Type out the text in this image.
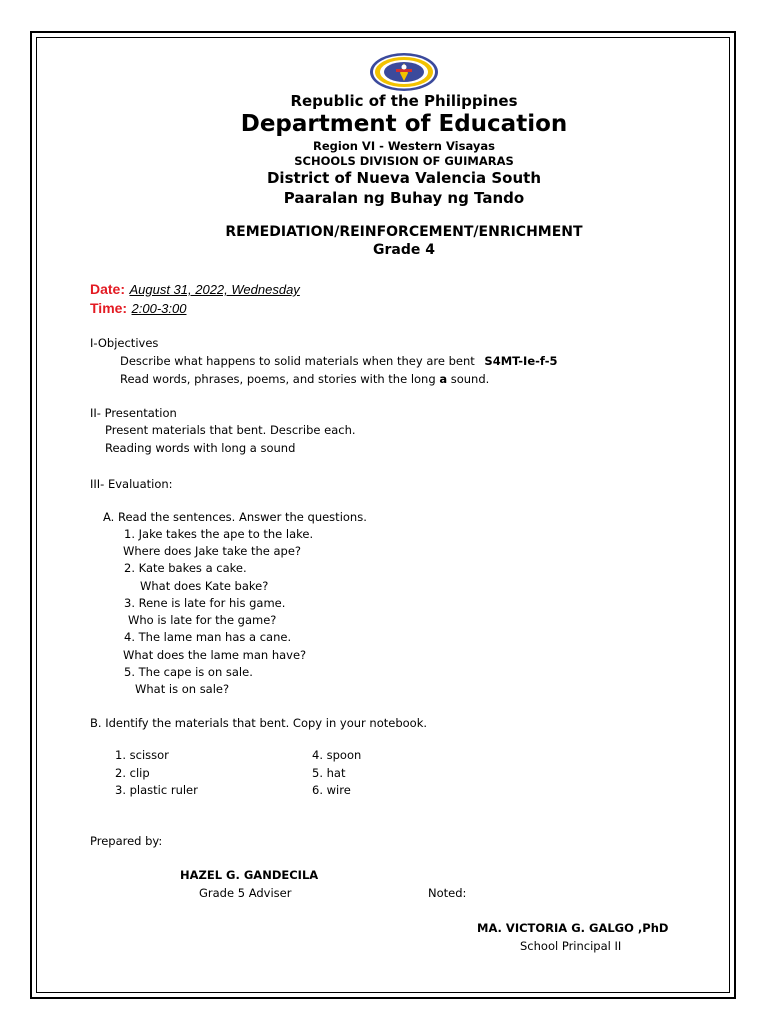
Republic of the Philippines
Department of Education
Region VI - Western Visayas
SCHOOLS DIVISION OF GUIMARAS
District of Nueva Valencia South
Paaralan ng Buhay ng Tando
REMEDIATION/REINFORCEMENT/ENRICHMENT
Grade 4
Date: August 31, 2022, Wednesday
Time: 2:00-3:00
I-Objectives
Describe what happens to solid materials when they are bent S4MT-Ie-f-5
Read words, phrases, poems, and stories with the long a sound.
II- Presentation
Present materials that bent. Describe each.
Reading words with long a sound
III- Evaluation:
A. Read the sentences. Answer the questions.
1. Jake takes the ape to the lake.
Where does Jake take the ape?
2. Kate bakes a cake.
What does Kate bake?
3. Rene is late for his game.
Who is late for the game?
4. The lame man has a cane.
What does the lame man have?
5. The cape is on sale.
What is on sale?
B. Identify the materials that bent. Copy in your notebook.
1. scissor
2. clip
3. plastic ruler
4. spoon
5. hat
6. wire
Prepared by:
HAZEL G. GANDECILA
Grade 5 Adviser	Noted:
MA. VICTORIA G. GALGO ,PhD
School Principal II
